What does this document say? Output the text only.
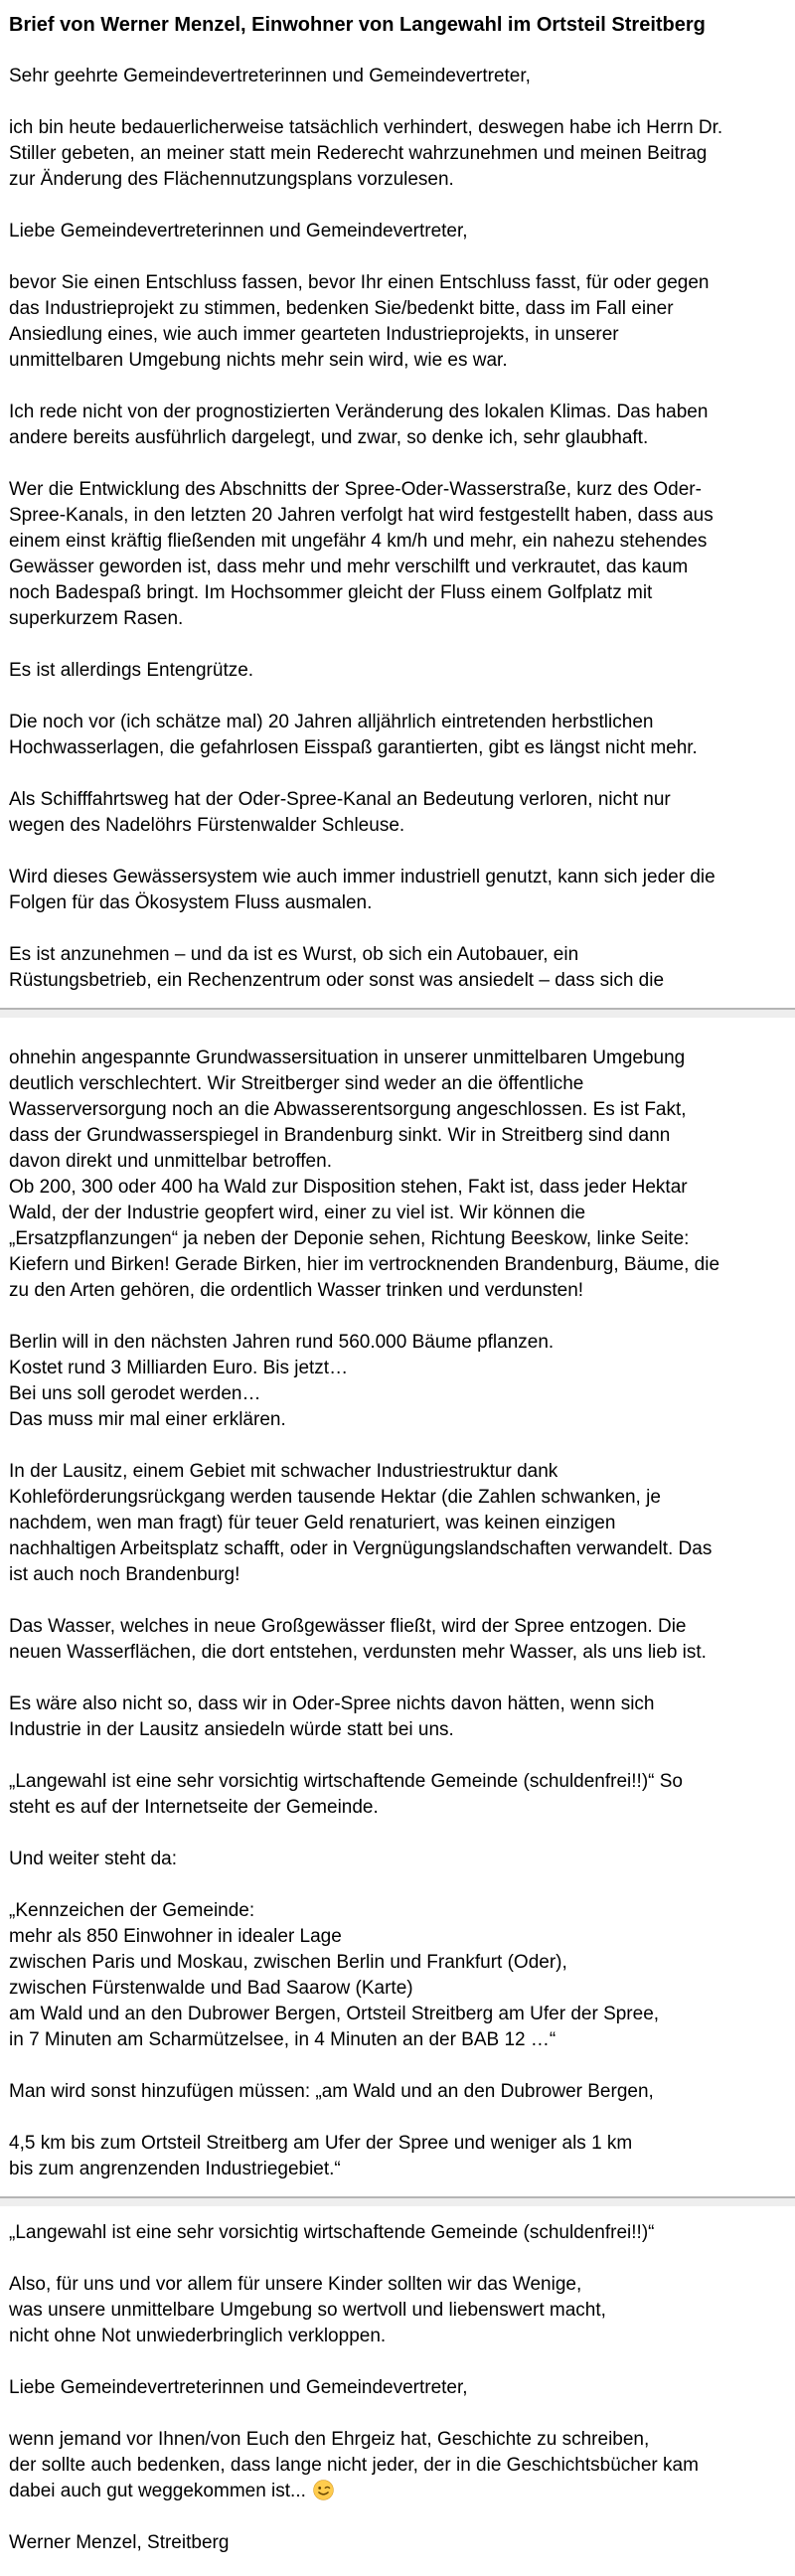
Brief von Werner Menzel, Einwohner von Langewahl im Ortsteil Streitberg

Sehr geehrte Gemeindevertreterinnen und Gemeindevertreter,

ich bin heute bedauerlicherweise tatsächlich verhindert, deswegen habe ich Herrn Dr.
Stiller gebeten, an meiner statt mein Rederecht wahrzunehmen und meinen Beitrag
zur Änderung des Flächennutzungsplans vorzulesen.

Liebe Gemeindevertreterinnen und Gemeindevertreter,

bevor Sie einen Entschluss fassen, bevor Ihr einen Entschluss fasst, für oder gegen
das Industrieprojekt zu stimmen, bedenken Sie/bedenkt bitte, dass im Fall einer
Ansiedlung eines, wie auch immer gearteten Industrieprojekts, in unserer
unmittelbaren Umgebung nichts mehr sein wird, wie es war.

Ich rede nicht von der prognostizierten Veränderung des lokalen Klimas. Das haben
andere bereits ausführlich dargelegt, und zwar, so denke ich, sehr glaubhaft.

Wer die Entwicklung des Abschnitts der Spree-Oder-Wasserstraße, kurz des Oder-
Spree-Kanals, in den letzten 20 Jahren verfolgt hat wird festgestellt haben, dass aus
einem einst kräftig fließenden mit ungefähr 4 km/h und mehr, ein nahezu stehendes
Gewässer geworden ist, dass mehr und mehr verschilft und verkrautet, das kaum
noch Badespaß bringt. Im Hochsommer gleicht der Fluss einem Golfplatz mit
superkurzem Rasen.

Es ist allerdings Entengrütze.

Die noch vor (ich schätze mal) 20 Jahren alljährlich eintretenden herbstlichen
Hochwasserlagen, die gefahrlosen Eisspaß garantierten, gibt es längst nicht mehr.

Als Schifffahrtsweg hat der Oder-Spree-Kanal an Bedeutung verloren, nicht nur
wegen des Nadelöhrs Fürstenwalder Schleuse.

Wird dieses Gewässersystem wie auch immer industriell genutzt, kann sich jeder die
Folgen für das Ökosystem Fluss ausmalen.

Es ist anzunehmen – und da ist es Wurst, ob sich ein Autobauer, ein
Rüstungsbetrieb, ein Rechenzentrum oder sonst was ansiedelt – dass sich die
ohnehin angespannte Grundwassersituation in unserer unmittelbaren Umgebung
deutlich verschlechtert. Wir Streitberger sind weder an die öffentliche
Wasserversorgung noch an die Abwasserentsorgung angeschlossen. Es ist Fakt,
dass der Grundwasserspiegel in Brandenburg sinkt. Wir in Streitberg sind dann
davon direkt und unmittelbar betroffen.
Ob 200, 300 oder 400 ha Wald zur Disposition stehen, Fakt ist, dass jeder Hektar
Wald, der der Industrie geopfert wird, einer zu viel ist. Wir können die
„Ersatzpflanzungen“ ja neben der Deponie sehen, Richtung Beeskow, linke Seite:
Kiefern und Birken! Gerade Birken, hier im vertrocknenden Brandenburg, Bäume, die
zu den Arten gehören, die ordentlich Wasser trinken und verdunsten!

Berlin will in den nächsten Jahren rund 560.000 Bäume pflanzen.
Kostet rund 3 Milliarden Euro. Bis jetzt…
Bei uns soll gerodet werden…
Das muss mir mal einer erklären.

In der Lausitz, einem Gebiet mit schwacher Industriestruktur dank
Kohleförderungsrückgang werden tausende Hektar (die Zahlen schwanken, je
nachdem, wen man fragt) für teuer Geld renaturiert, was keinen einzigen
nachhaltigen Arbeitsplatz schafft, oder in Vergnügungslandschaften verwandelt. Das
ist auch noch Brandenburg!

Das Wasser, welches in neue Großgewässer fließt, wird der Spree entzogen. Die
neuen Wasserflächen, die dort entstehen, verdunsten mehr Wasser, als uns lieb ist.

Es wäre also nicht so, dass wir in Oder-Spree nichts davon hätten, wenn sich
Industrie in der Lausitz ansiedeln würde statt bei uns.

„Langewahl ist eine sehr vorsichtig wirtschaftende Gemeinde (schuldenfrei!!)“ So
steht es auf der Internetseite der Gemeinde.

Und weiter steht da:

„Kennzeichen der Gemeinde:
mehr als 850 Einwohner in idealer Lage
zwischen Paris und Moskau, zwischen Berlin und Frankfurt (Oder),
zwischen Fürstenwalde und Bad Saarow (Karte)
am Wald und an den Dubrower Bergen, Ortsteil Streitberg am Ufer der Spree,
in 7 Minuten am Scharmützelsee, in 4 Minuten an der BAB 12 …“

Man wird sonst hinzufügen müssen: „am Wald und an den Dubrower Bergen,

4,5 km bis zum Ortsteil Streitberg am Ufer der Spree und weniger als 1 km
bis zum angrenzenden Industriegebiet.“
„Langewahl ist eine sehr vorsichtig wirtschaftende Gemeinde (schuldenfrei!!)“

Also, für uns und vor allem für unsere Kinder sollten wir das Wenige,
was unsere unmittelbare Umgebung so wertvoll und liebenswert macht,
nicht ohne Not unwiederbringlich verkloppen.

Liebe Gemeindevertreterinnen und Gemeindevertreter,

wenn jemand vor Ihnen/von Euch den Ehrgeiz hat, Geschichte zu schreiben,
der sollte auch bedenken, dass lange nicht jeder, der in die Geschichtsbücher kam
dabei auch gut weggekommen ist...

Werner Menzel, Streitberg
